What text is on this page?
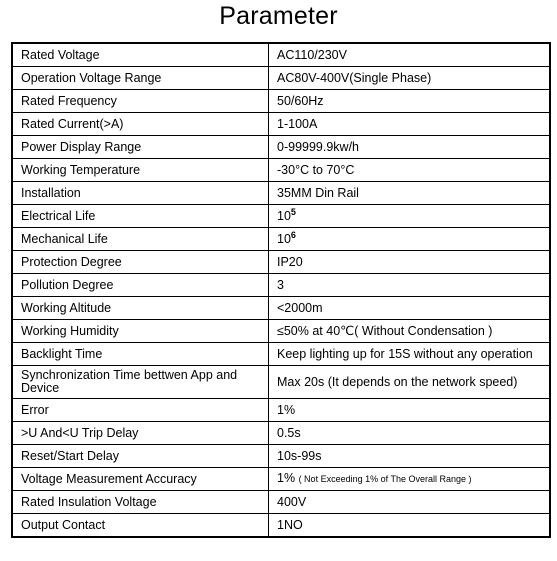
Parameter
Rated Voltage	AC110/230V
Operation Voltage Range	AC80V-400V(Single Phase)
Rated Frequency	50/60Hz
Rated Current(>A)	1-100A
Power Display Range	0-99999.9kw/h
Working Temperature	-30°C to 70°C
Installation	35MM Din Rail
Electrical Life	$10^5$
Mechanical Life	$10^6$
Protection Degree	IP20
Pollution Degree	3
Working Altitude	<2000m
Working Humidity	≤50% at 40℃( Without Condensation )
Backlight Time	Keep lighting up for 15S without any operation
Synchronization Time bettwen App and Device	Max 20s (It depends on the network speed)
Error	1%
>U And<U Trip Delay	0.5s
Reset/Start Delay	10s-99s
Voltage Measurement Accuracy	1% ( Not Exceeding 1% of The Overall Range )
Rated Insulation Voltage	400V
Output Contact	1NO
